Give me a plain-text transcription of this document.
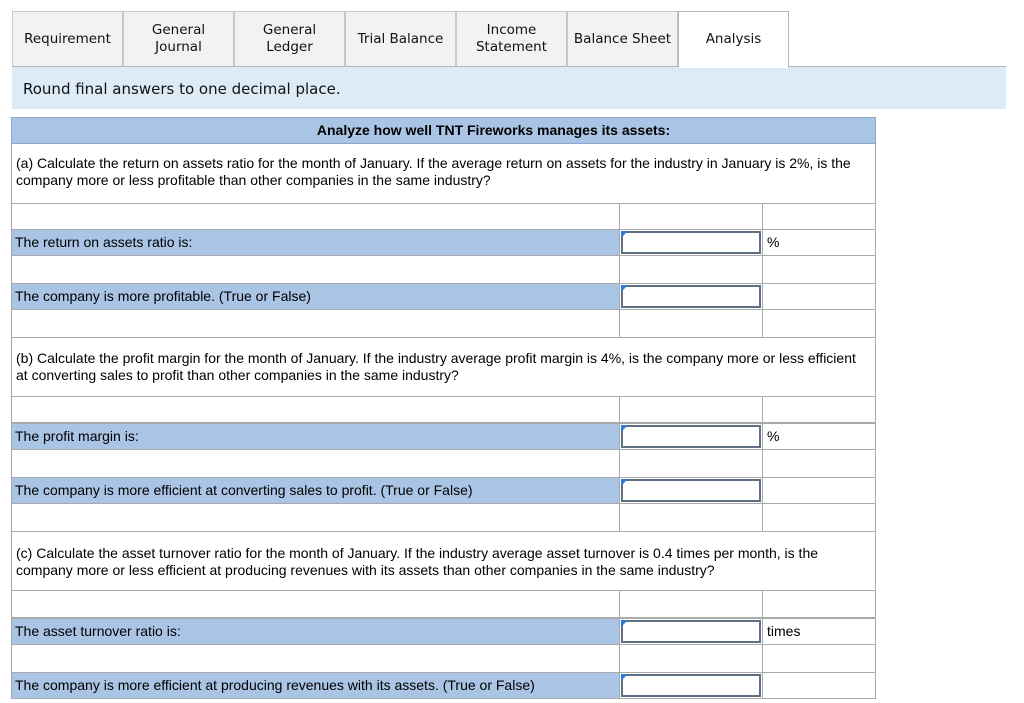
Requirement
General Journal
General Ledger
Trial Balance
Income Statement
Balance Sheet	Analysis
Round final answers to one decimal place.
Analyze how well TNT Fireworks manages its assets:
(a) Calculate the return on assets ratio for the month of January. If the average return on assets for the industry in January is 2%, is the company more or less profitable than other companies in the same industry?
The return on assets ratio is:	%
The company is more profitable. (True or False)
(b) Calculate the profit margin for the month of January. If the industry average profit margin is 4%, is the company more or less efficient at converting sales to profit than other companies in the same industry?
The profit margin is:	%
The company is more efficient at converting sales to profit. (True or False)
(c) Calculate the asset turnover ratio for the month of January. If the industry average asset turnover is 0.4 times per month, is the company more or less efficient at producing revenues with its assets than other companies in the same industry?
The asset turnover ratio is:	times
The company is more efficient at producing revenues with its assets. (True or False)
